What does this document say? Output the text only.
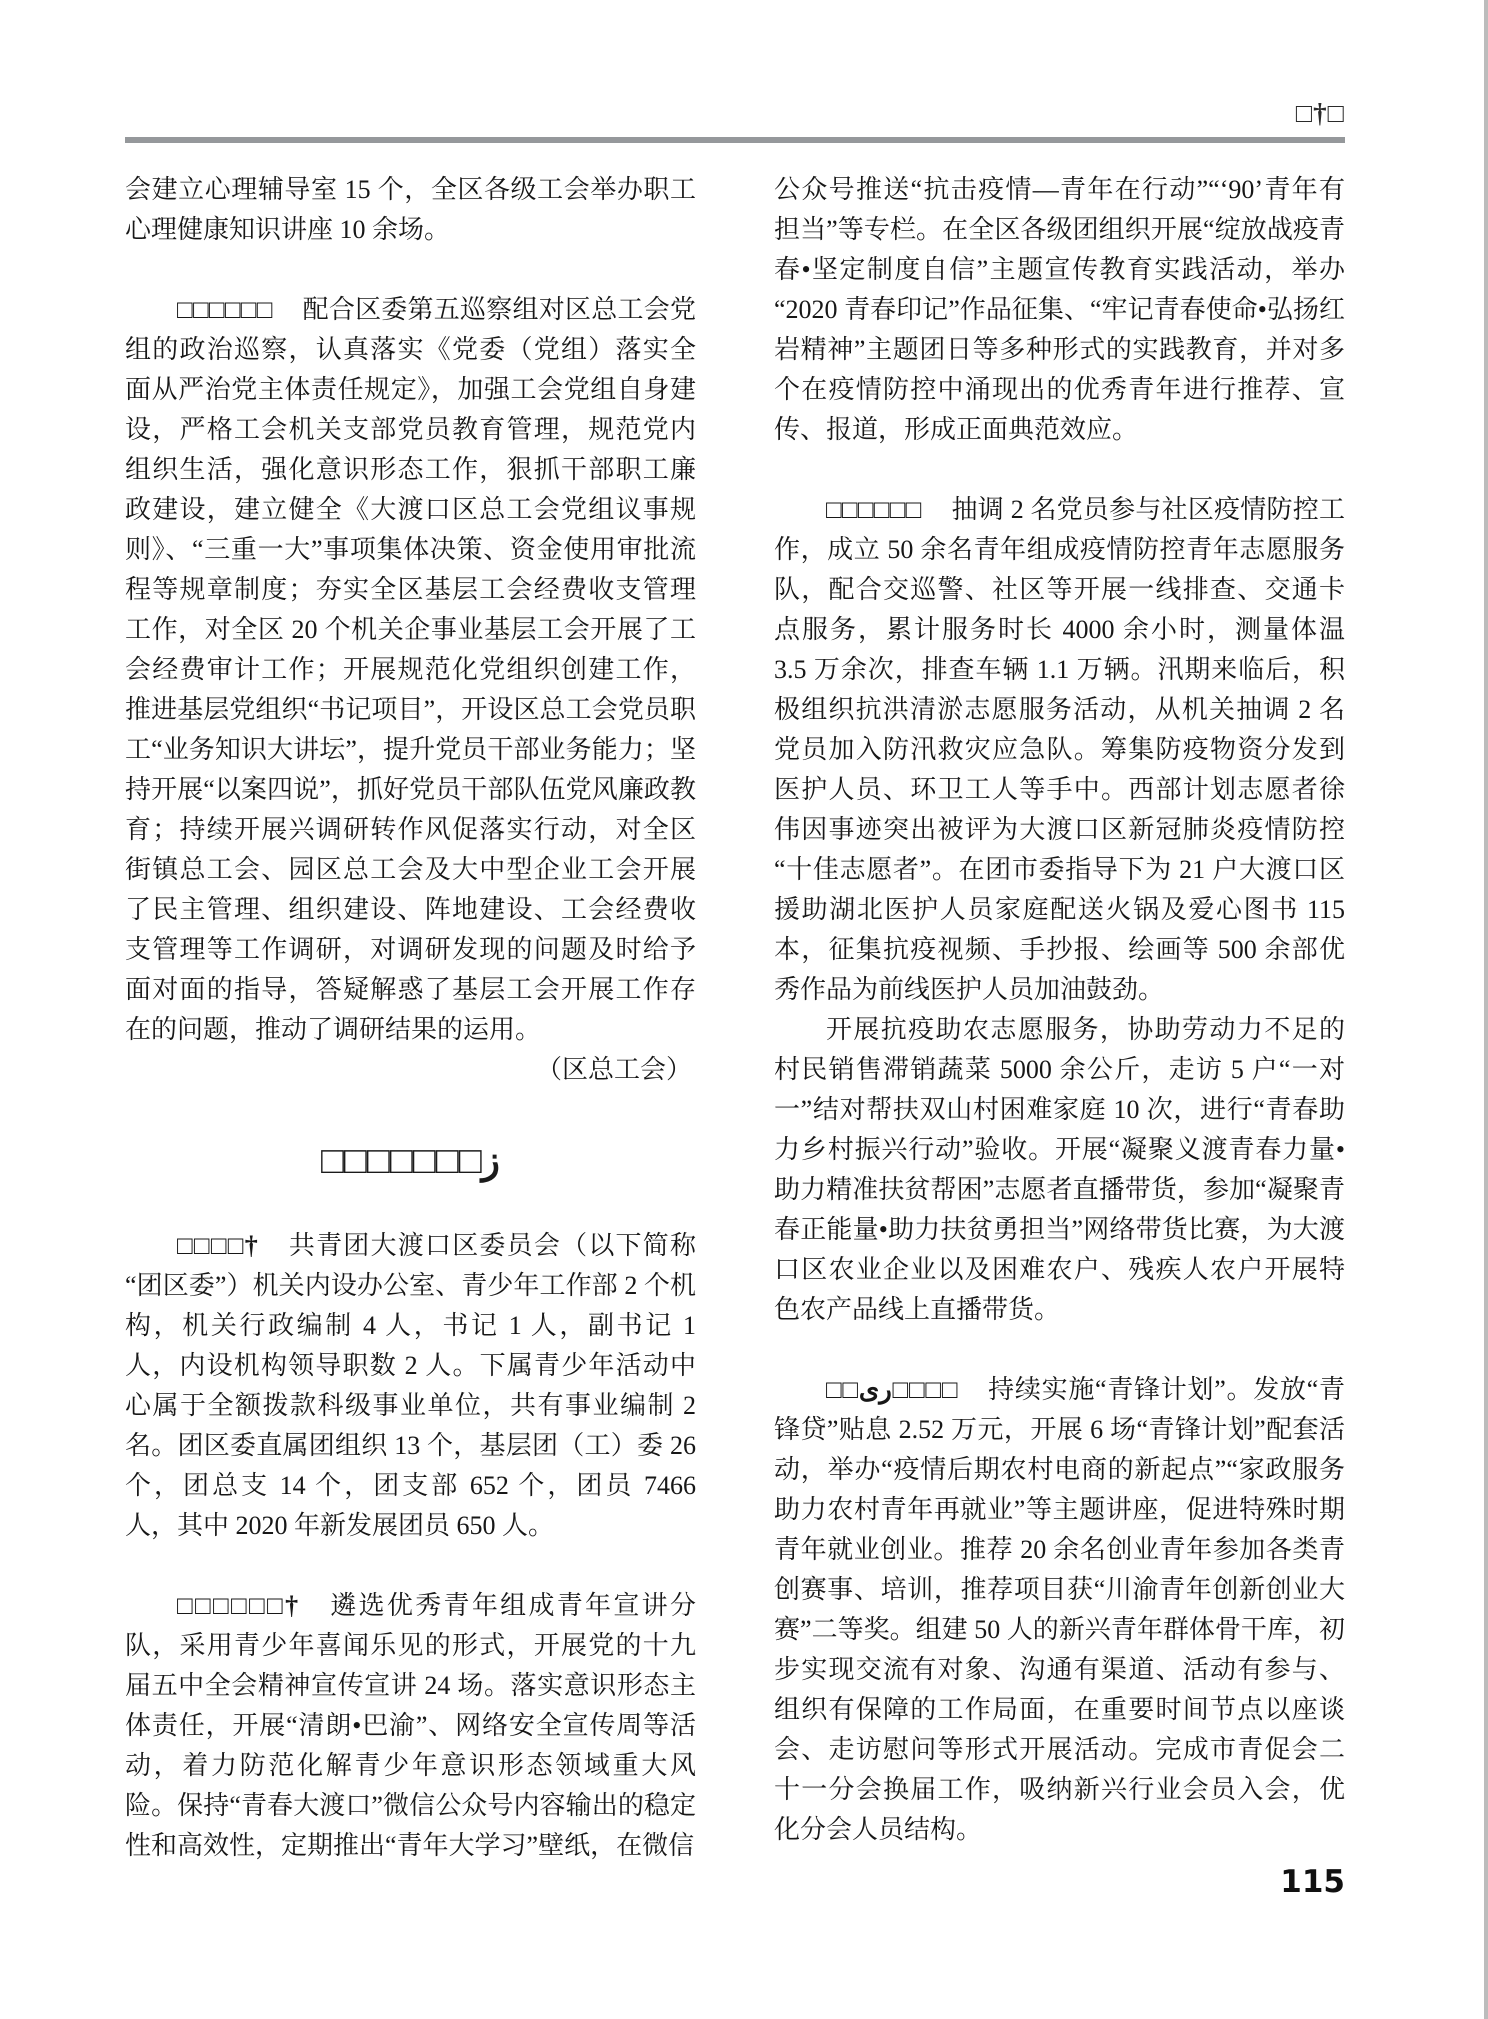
□†□

会建立心理辅导室 15 个，全区各级工会举办职工心理健康知识讲座 10 余场。

□□□□□□ 配合区委第五巡察组对区总工会党组的政治巡察，认真落实《党委（党组）落实全面从严治党主体责任规定》，加强工会党组自身建设，严格工会机关支部党员教育管理，规范党内组织生活，强化意识形态工作，狠抓干部职工廉政建设，建立健全《大渡口区总工会党组议事规则》、“三重一大”事项集体决策、资金使用审批流程等规章制度；夯实全区基层工会经费收支管理工作，对全区 20 个机关企事业基层工会开展了工会经费审计工作；开展规范化党组织创建工作，推进基层党组织“书记项目”，开设区总工会党员职工“业务知识大讲坛”，提升党员干部业务能力；坚持开展“以案四说”，抓好党员干部队伍党风廉政教育；持续开展兴调研转作风促落实行动，对全区街镇总工会、园区总工会及大中型企业工会开展了民主管理、组织建设、阵地建设、工会经费收支管理等工作调研，对调研发现的问题及时给予面对面的指导，答疑解惑了基层工会开展工作存在的问题，推动了调研结果的运用。

（区总工会）

□□□□□□□ز

□□□□† 共青团大渡口区委员会（以下简称“团区委”）机关内设办公室、青少年工作部 2 个机构，机关行政编制 4 人，书记 1 人，副书记 1 人，内设机构领导职数 2 人。下属青少年活动中心属于全额拨款科级事业单位，共有事业编制 2 名。团区委直属团组织 13 个，基层团（工）委 26 个，团总支 14 个，团支部 652 个，团员 7466 人，其中 2020 年新发展团员 650 人。

□□□□□□† 遴选优秀青年组成青年宣讲分队，采用青少年喜闻乐见的形式，开展党的十九届五中全会精神宣传宣讲 24 场。落实意识形态主体责任，开展“清朗•巴渝”、网络安全宣传周等活动，着力防范化解青少年意识形态领域重大风险。保持“青春大渡口”微信公众号内容输出的稳定性和高效性，定期推出“青年大学习”壁纸，在微信

公众号推送“抗击疫情—青年在行动”“‘90’青年有担当”等专栏。在全区各级团组织开展“绽放战疫青春•坚定制度自信”主题宣传教育实践活动，举办“2020 青春印记”作品征集、“牢记青春使命•弘扬红岩精神”主题团日等多种形式的实践教育，并对多个在疫情防控中涌现出的优秀青年进行推荐、宣传、报道，形成正面典范效应。

□□□□□□ 抽调 2 名党员参与社区疫情防控工作，成立 50 余名青年组成疫情防控青年志愿服务队，配合交巡警、社区等开展一线排查、交通卡点服务，累计服务时长 4000 余小时，测量体温 3.5 万余次，排查车辆 1.1 万辆。汛期来临后，积极组织抗洪清淤志愿服务活动，从机关抽调 2 名党员加入防汛救灾应急队。筹集防疫物资分发到医护人员、环卫工人等手中。西部计划志愿者徐伟因事迹突出被评为大渡口区新冠肺炎疫情防控“十佳志愿者”。在团市委指导下为 21 户大渡口区援助湖北医护人员家庭配送火锅及爱心图书 115 本，征集抗疫视频、手抄报、绘画等 500 余部优秀作品为前线医护人员加油鼓劲。

开展抗疫助农志愿服务，协助劳动力不足的村民销售滞销蔬菜 5000 余公斤，走访 5 户“一对一”结对帮扶双山村困难家庭 10 次，进行“青春助力乡村振兴行动”验收。开展“凝聚义渡青春力量•助力精准扶贫帮困”志愿者直播带货，参加“凝聚青春正能量•助力扶贫勇担当”网络带货比赛，为大渡口区农业企业以及困难农户、残疾人农户开展特色农产品线上直播带货。

□□ری□□□□ 持续实施“青锋计划”。发放“青锋贷”贴息 2.52 万元，开展 6 场“青锋计划”配套活动，举办“疫情后期农村电商的新起点”“家政服务助力农村青年再就业”等主题讲座，促进特殊时期青年就业创业。推荐 20 余名创业青年参加各类青创赛事、培训，推荐项目获“川渝青年创新创业大赛”二等奖。组建 50 人的新兴青年群体骨干库，初步实现交流有对象、沟通有渠道、活动有参与、组织有保障的工作局面，在重要时间节点以座谈会、走访慰问等形式开展活动。完成市青促会二十一分会换届工作，吸纳新兴行业会员入会，优化分会人员结构。

115
